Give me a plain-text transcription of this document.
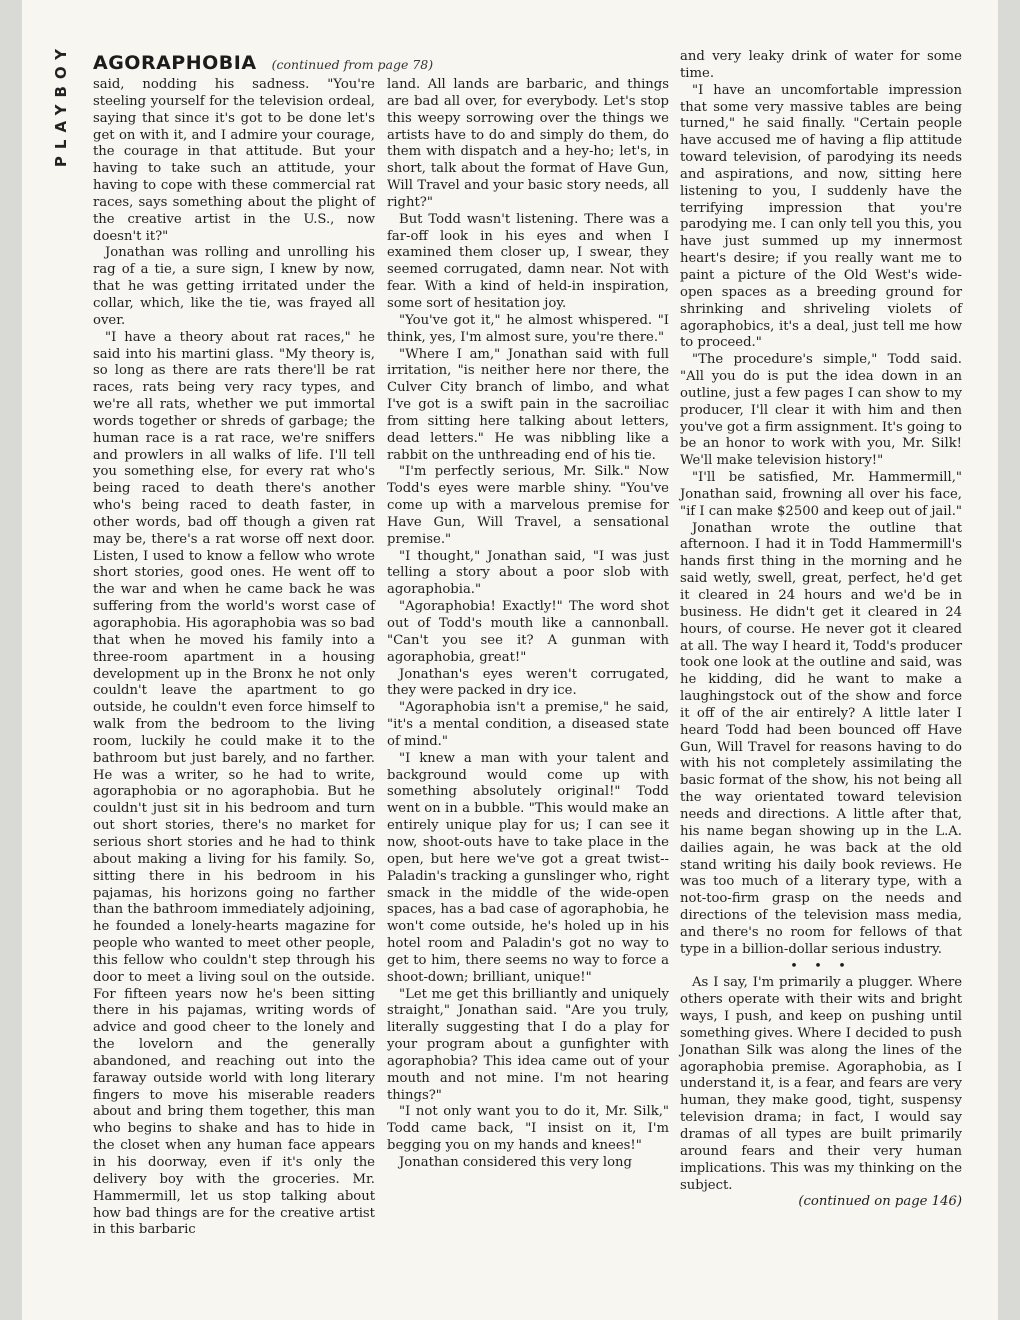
PLAYBOY	AGORAPHOBIA (continued from page 78)

said, nodding his sadness. "You're steeling yourself for the television ordeal, saying that since it's got to be done let's get on with it, and I admire your courage, the courage in that attitude. But your having to take such an attitude, your having to cope with these commercial rat races, says something about the plight of the creative artist in the U.S., now doesn't it?"

Jonathan was rolling and unrolling his rag of a tie, a sure sign, I knew by now, that he was getting irritated under the collar, which, like the tie, was frayed all over.

"I have a theory about rat races," he said into his martini glass. "My theory is, so long as there are rats there'll be rat races, rats being very racy types, and we're all rats, whether we put immortal words together or shreds of garbage; the human race is a rat race, we're sniffers and prowlers in all walks of life. I'll tell you something else, for every rat who's being raced to death there's another who's being raced to death faster, in other words, bad off though a given rat may be, there's a rat worse off next door. Listen, I used to know a fellow who wrote short stories, good ones. He went off to the war and when he came back he was suffering from the world's worst case of agoraphobia. His agoraphobia was so bad that when he moved his family into a three-room apartment in a housing development up in the Bronx he not only couldn't leave the apartment to go outside, he couldn't even force himself to walk from the bedroom to the living room, luckily he could make it to the bathroom but just barely, and no farther. He was a writer, so he had to write, agoraphobia or no agoraphobia. But he couldn't just sit in his bedroom and turn out short stories, there's no market for serious short stories and he had to think about making a living for his family. So, sitting there in his bedroom in his pajamas, his horizons going no farther than the bathroom immediately adjoining, he founded a lonely-hearts magazine for people who wanted to meet other people, this fellow who couldn't step through his door to meet a living soul on the outside. For fifteen years now he's been sitting there in his pajamas, writing words of advice and good cheer to the lonely and the lovelorn and the generally abandoned, and reaching out into the faraway outside world with long literary fingers to move his miserable readers about and bring them together, this man who begins to shake and has to hide in the closet when any human face appears in his doorway, even if it's only the delivery boy with the groceries. Mr. Hammermill, let us stop talking about how bad things are for the creative artist in this barbaric

land. All lands are barbaric, and things are bad all over, for everybody. Let's stop this weepy sorrowing over the things we artists have to do and simply do them, do them with dispatch and a hey-ho; let's, in short, talk about the format of Have Gun, Will Travel and your basic story needs, all right?"

But Todd wasn't listening. There was a far-off look in his eyes and when I examined them closer up, I swear, they seemed corrugated, damn near. Not with fear. With a kind of held-in inspiration, some sort of hesitation joy.

"You've got it," he almost whispered. "I think, yes, I'm almost sure, you're there."

"Where I am," Jonathan said with full irritation, "is neither here nor there, the Culver City branch of limbo, and what I've got is a swift pain in the sacroiliac from sitting here talking about letters, dead letters." He was nibbling like a rabbit on the unthreading end of his tie.

"I'm perfectly serious, Mr. Silk." Now Todd's eyes were marble shiny. "You've come up with a marvelous premise for Have Gun, Will Travel, a sensational premise."

"I thought," Jonathan said, "I was just telling a story about a poor slob with agoraphobia."

"Agoraphobia! Exactly!" The word shot out of Todd's mouth like a cannonball. "Can't you see it? A gunman with agoraphobia, great!"

Jonathan's eyes weren't corrugated, they were packed in dry ice.

"Agoraphobia isn't a premise," he said, "it's a mental condition, a diseased state of mind."

"I knew a man with your talent and background would come up with something absolutely original!" Todd went on in a bubble. "This would make an entirely unique play for us; I can see it now, shoot-outs have to take place in the open, but here we've got a great twist--Paladin's tracking a gunslinger who, right smack in the middle of the wide-open spaces, has a bad case of agoraphobia, he won't come outside, he's holed up in his hotel room and Paladin's got no way to get to him, there seems no way to force a shoot-down; brilliant, unique!"

"Let me get this brilliantly and uniquely straight," Jonathan said. "Are you truly, literally suggesting that I do a play for your program about a gunfighter with agoraphobia? This idea came out of your mouth and not mine. I'm not hearing things?"

"I not only want you to do it, Mr. Silk," Todd came back, "I insist on it, I'm begging you on my hands and knees!"

Jonathan considered this very long

and very leaky drink of water for some time.

"I have an uncomfortable impression that some very massive tables are being turned," he said finally. "Certain people have accused me of having a flip attitude toward television, of parodying its needs and aspirations, and now, sitting here listening to you, I suddenly have the terrifying impression that you're parodying me. I can only tell you this, you have just summed up my innermost heart's desire; if you really want me to paint a picture of the Old West's wide-open spaces as a breeding ground for shrinking and shriveling violets of agoraphobics, it's a deal, just tell me how to proceed."

"The procedure's simple," Todd said. "All you do is put the idea down in an outline, just a few pages I can show to my producer, I'll clear it with him and then you've got a firm assignment. It's going to be an honor to work with you, Mr. Silk! We'll make television history!"

"I'll be satisfied, Mr. Hammermill," Jonathan said, frowning all over his face, "if I can make $2500 and keep out of jail."

Jonathan wrote the outline that afternoon. I had it in Todd Hammermill's hands first thing in the morning and he said wetly, swell, great, perfect, he'd get it cleared in 24 hours and we'd be in business. He didn't get it cleared in 24 hours, of course. He never got it cleared at all. The way I heard it, Todd's producer took one look at the outline and said, was he kidding, did he want to make a laughingstock out of the show and force it off of the air entirely? A little later I heard Todd had been bounced off Have Gun, Will Travel for reasons having to do with his not completely assimilating the basic format of the show, his not being all the way orientated toward television needs and directions. A little after that, his name began showing up in the L.A. dailies again, he was back at the old stand writing his daily book reviews. He was too much of a literary type, with a not-too-firm grasp on the needs and directions of the television mass media, and there's no room for fellows of that type in a billion-dollar serious industry.

• • •

As I say, I'm primarily a plugger. Where others operate with their wits and bright ways, I push, and keep on pushing until something gives. Where I decided to push Jonathan Silk was along the lines of the agoraphobia premise. Agoraphobia, as I understand it, is a fear, and fears are very human, they make good, tight, suspensy television drama; in fact, I would say dramas of all types are built primarily around fears and their very human implications. This was my thinking on the subject.

(continued on page 146)
